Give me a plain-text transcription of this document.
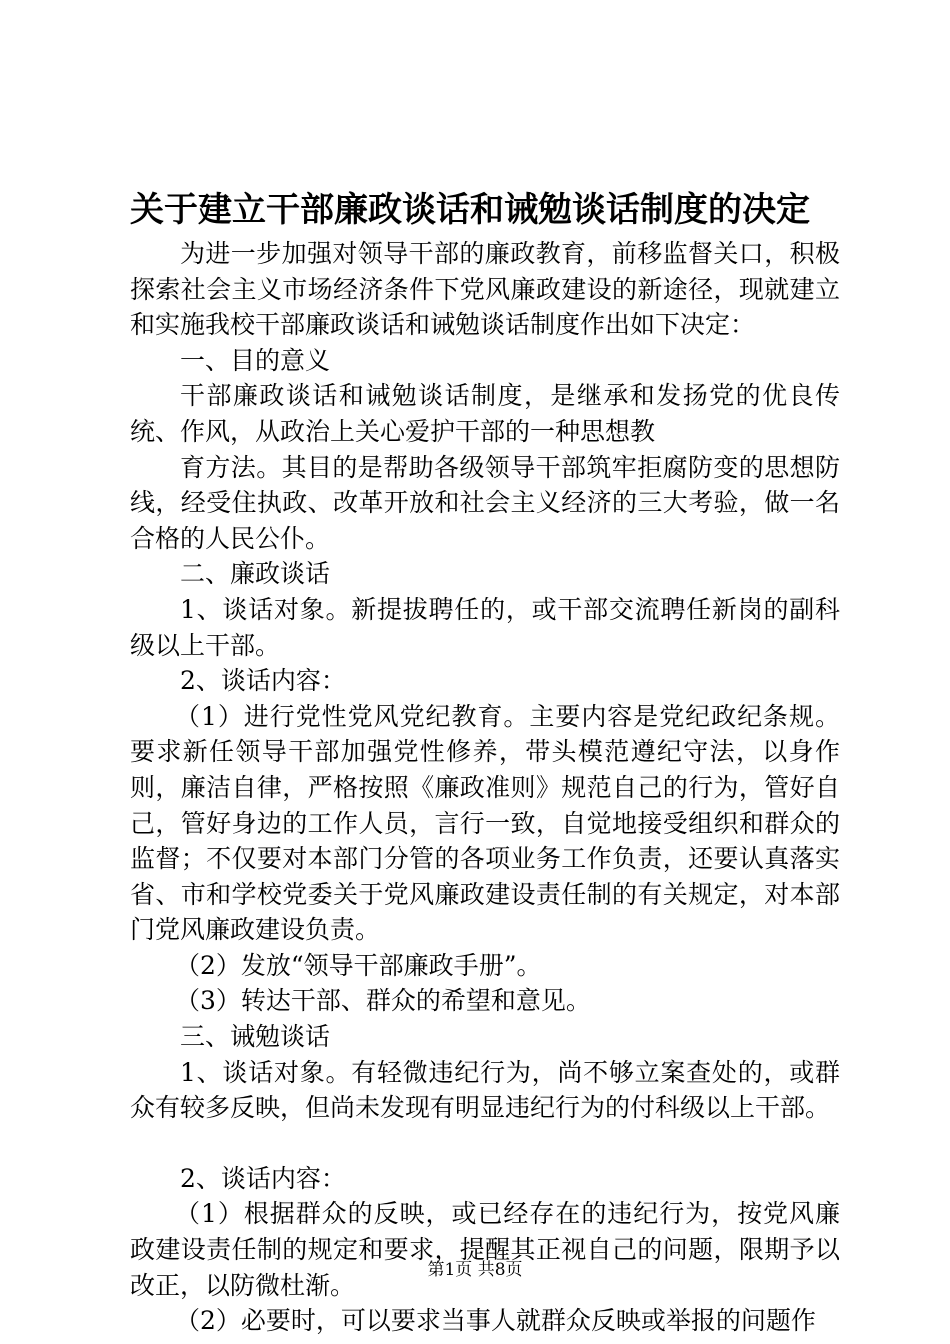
关于建立干部廉政谈话和诫勉谈话制度的决定

为进一步加强对领导干部的廉政教育，前移监督关口，积极探索社会主义市场经济条件下党风廉政建设的新途径，现就建立和实施我校干部廉政谈话和诫勉谈话制度作出如下决定：

一、目的意义

干部廉政谈话和诫勉谈话制度，是继承和发扬党的优良传统、作风，从政治上关心爱护干部的一种思想教

育方法。其目的是帮助各级领导干部筑牢拒腐防变的思想防线，经受住执政、改革开放和社会主义经济的三大考验，做一名合格的人民公仆。

二、廉政谈话

1、谈话对象。新提拔聘任的，或干部交流聘任新岗的副科级以上干部。

2、谈话内容：

（1）进行党性党风党纪教育。主要内容是党纪政纪条规。要求新任领导干部加强党性修养，带头模范遵纪守法，以身作则，廉洁自律，严格按照《廉政准则》规范自己的行为，管好自己，管好身边的工作人员，言行一致，自觉地接受组织和群众的监督；不仅要对本部门分管的各项业务工作负责，还要认真落实省、市和学校党委关于党风廉政建设责任制的有关规定，对本部门党风廉政建设负责。

（2）发放“领导干部廉政手册”。

（3）转达干部、群众的希望和意见。

三、诫勉谈话

1、谈话对象。有轻微违纪行为，尚不够立案查处的，或群众有较多反映，但尚未发现有明显违纪行为的付科级以上干部。

2、谈话内容：

（1）根据群众的反映，或已经存在的违纪行为，按党风廉政建设责任制的规定和要求，提醒其正视自己的问题，限期予以改正，以防微杜渐。

（2）必要时，可以要求当事人就群众反映或举报的问题作

第1页 共8页
